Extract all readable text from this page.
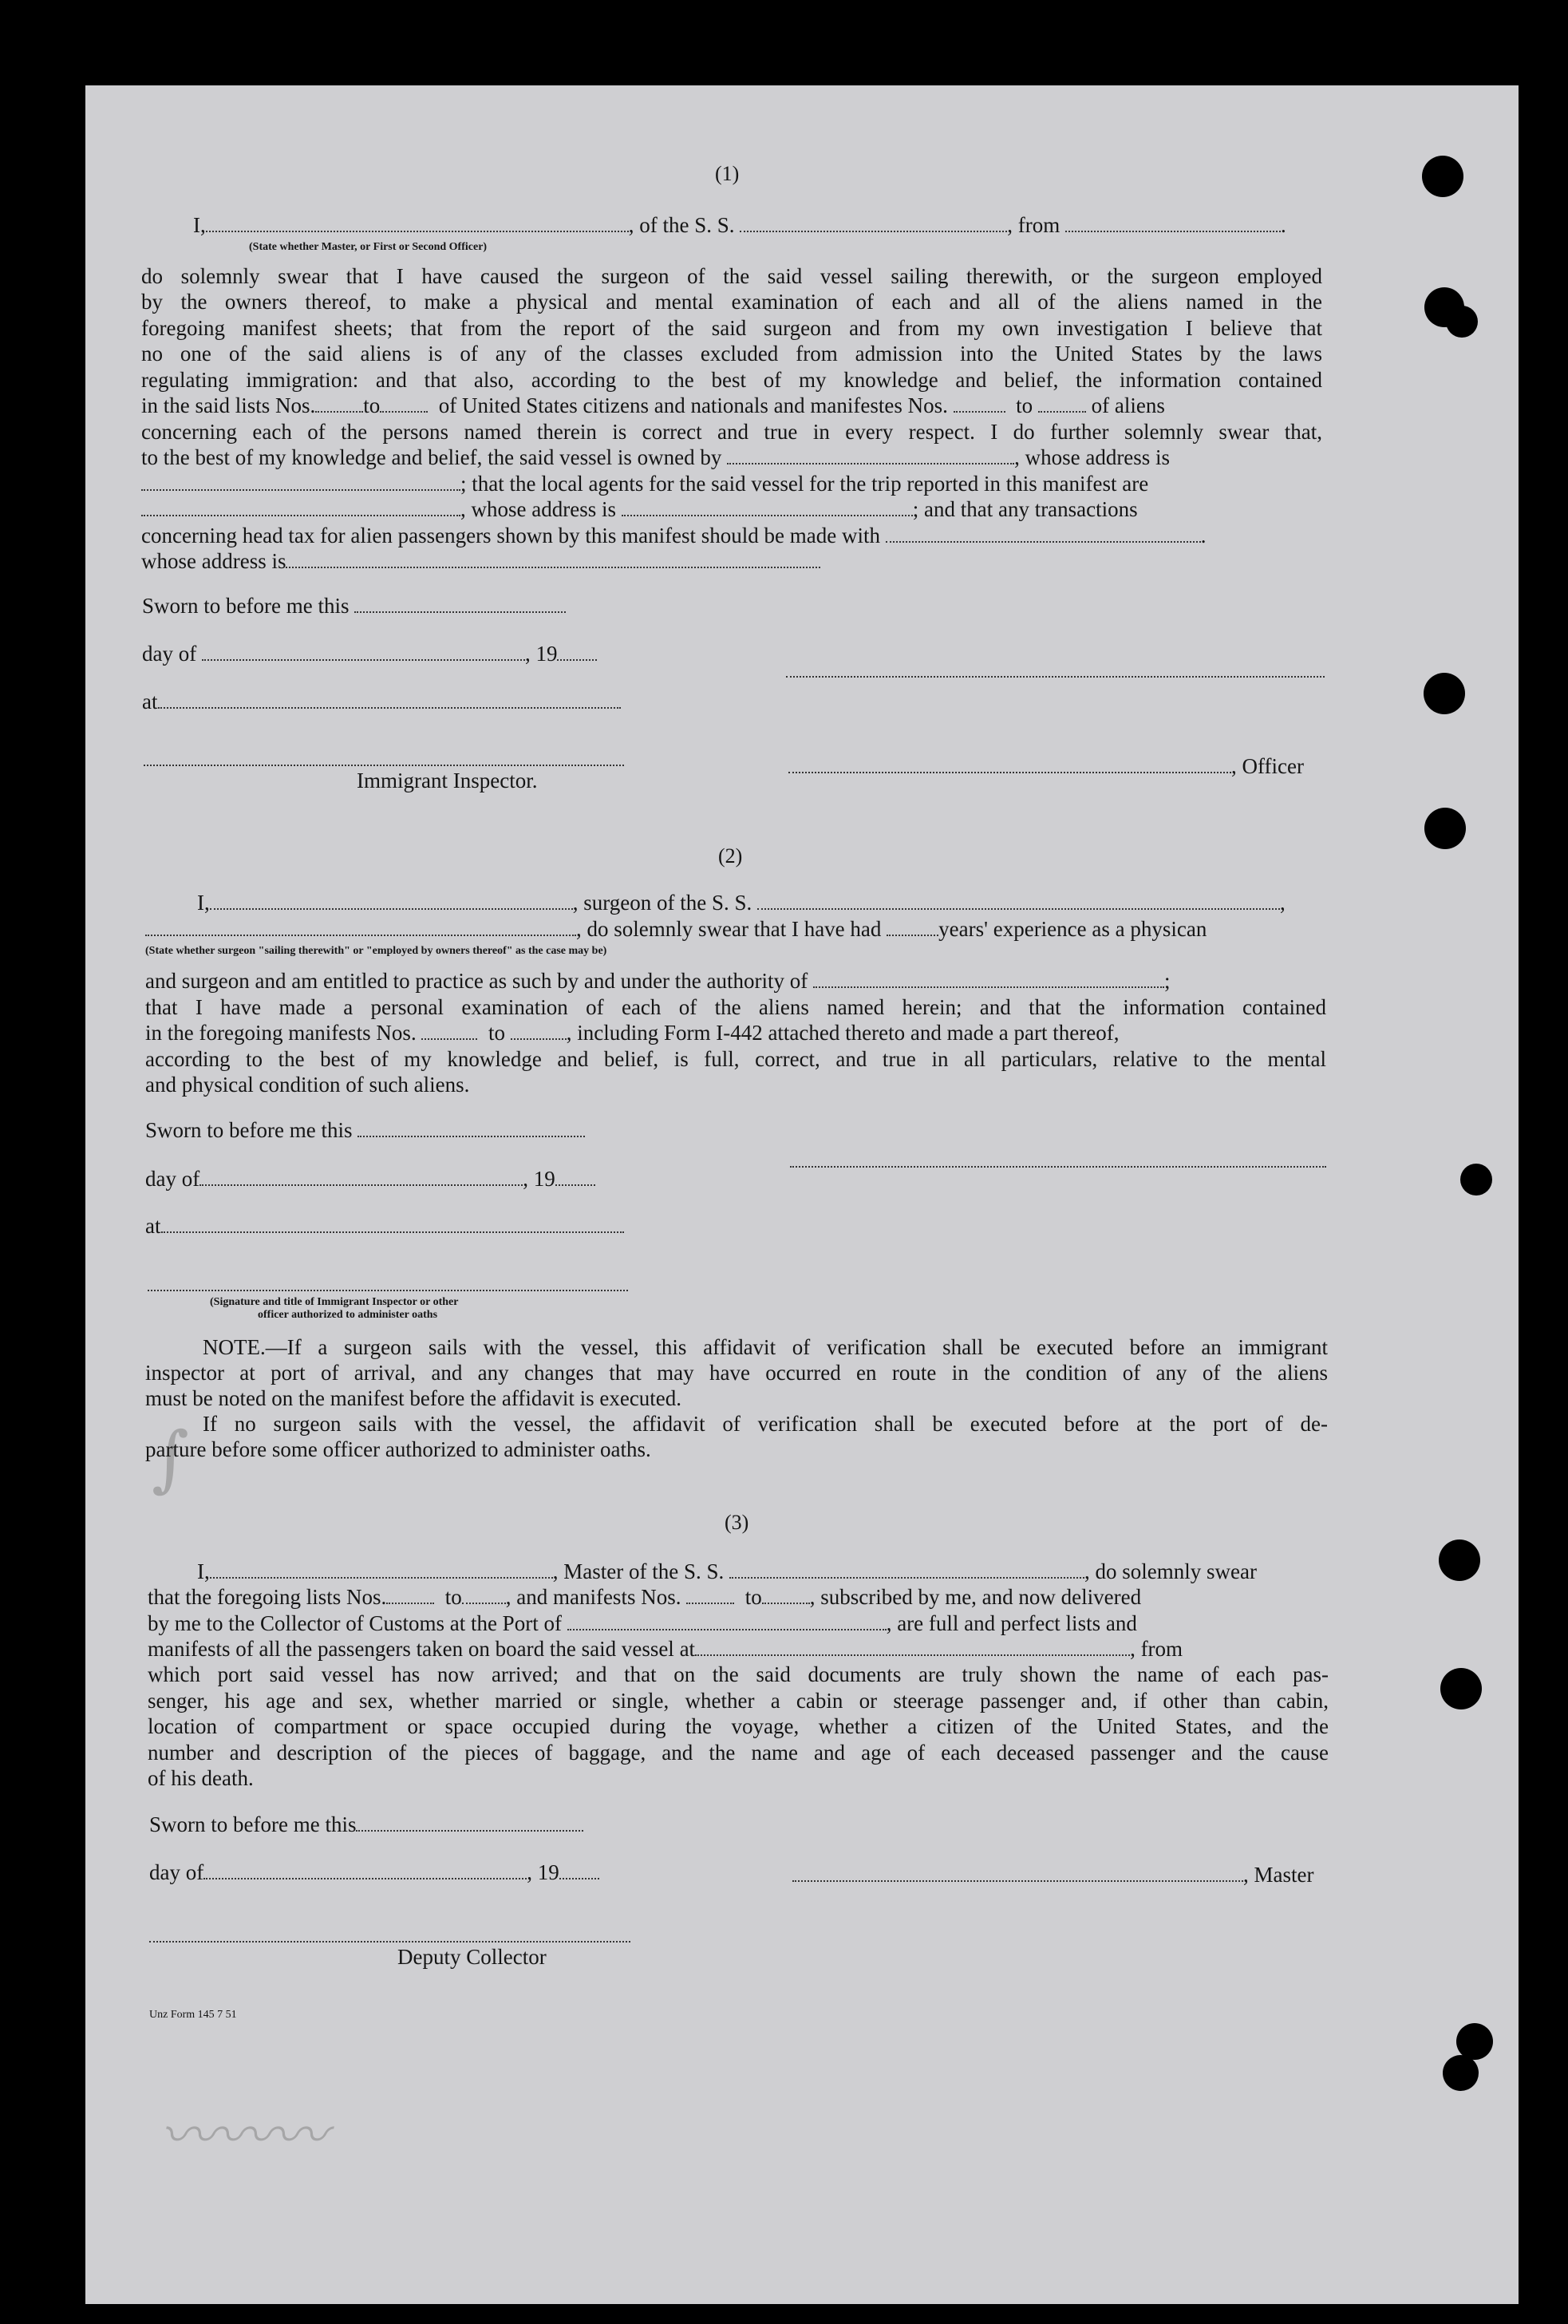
〰〰〰
∫
(1)
I,	, of the S. S.	, from	.
(State whether Master, or First or Second Officer)
do solemnly swear that I have caused the surgeon of the said vessel sailing therewith, or the surgeon employed
by the owners thereof, to make a physical and mental examination of each and all of the aliens named in the
foregoing manifest sheets; that from the report of the said surgeon and from my own investigation I believe that
no one of the said aliens is of any of the classes excluded from admission into the United States by the laws
regulating immigration: and that also, according to the best of my knowledge and belief, the information contained
in the said lists Nos. to	of United States citizens and nationals and manifestes Nos.	to	of aliens
concerning each of the persons named therein is correct and true in every respect. I do further solemnly swear that,
to the best of my knowledge and belief, the said vessel is owned by	, whose address is
; that the local agents for the said vessel for the trip reported in this manifest are
, whose address is	; and that any transactions
concerning head tax for alien passengers shown by this manifest should be made with	.
whose address is
Sworn to before me this
day of	, 19
at
Immigrant Inspector.
, Officer
(2)
I,	, surgeon of the S. S.	,
, do solemnly swear that I have had	years' experience as a physican
(State whether surgeon "sailing therewith" or "employed by owners thereof" as the case may be)
and surgeon and am entitled to practice as such by and under the authority of	;
that I have made a personal examination of each of the aliens named herein; and that the information contained
in the foregoing manifests Nos.	to	, including Form I-442 attached thereto and made a part thereof,
according to the best of my knowledge and belief, is full, correct, and true in all particulars, relative to the mental
and physical condition of such aliens.
Sworn to before me this
day of	, 19
at
(Signature and title of Immigrant Inspector or other
officer authorized to administer oaths
NOTE.—If a surgeon sails with the vessel, this affidavit of verification shall be executed before an immigrant
inspector at port of arrival, and any changes that may have occurred en route in the condition of any of the aliens
must be noted on the manifest before the affidavit is executed.
If no surgeon sails with the vessel, the affidavit of verification shall be executed before at the port of de-
parture before some officer authorized to administer oaths.
(3)
I,	, Master of the S. S.	, do solemnly swear
that the foregoing lists Nos.	to , and manifests Nos.	to , subscribed by me, and now delivered
by me to the Collector of Customs at the Port of	, are full and perfect lists and
manifests of all the passengers taken on board the said vessel at	, from
which port said vessel has now arrived; and that on the said documents are truly shown the name of each pas-
senger, his age and sex, whether married or single, whether a cabin or steerage passenger and, if other than cabin,
location of compartment or space occupied during the voyage, whether a citizen of the United States, and the
number and description of the pieces of baggage, and the name and age of each deceased passenger and the cause
of his death.
Sworn to before me this
day of	, 19	, Master
Deputy Collector
Unz Form 145 7 51
